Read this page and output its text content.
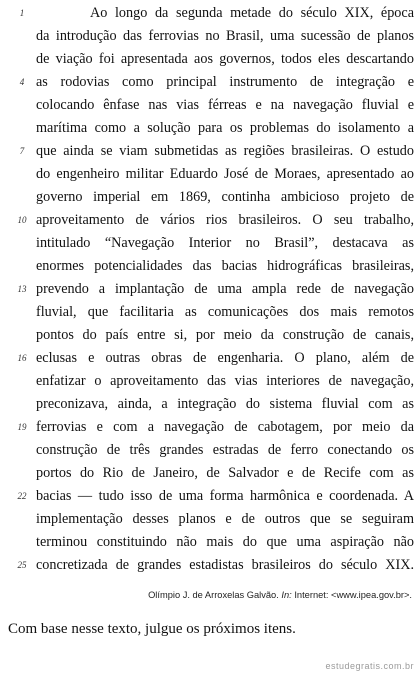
1
4
7
10
13
16
19
22
25
Ao longo da segunda metade do século XIX, época
da introdução das ferrovias no Brasil, uma sucessão de planos
de viação foi apresentada aos governos, todos eles descartando
as rodovias como principal instrumento de integração e
colocando ênfase nas vias férreas e na navegação fluvial e
marítima como a solução para os problemas do isolamento a
que ainda se viam submetidas as regiões brasileiras. O estudo
do engenheiro militar Eduardo José de Moraes, apresentado ao
governo imperial em 1869, continha ambicioso projeto de
aproveitamento de vários rios brasileiros. O seu trabalho,
intitulado “Navegação Interior no Brasil”, destacava as
enormes potencialidades das bacias hidrográficas brasileiras,
prevendo a implantação de uma ampla rede de navegação
fluvial, que facilitaria as comunicações dos mais remotos
pontos do país entre si, por meio da construção de canais,
eclusas e outras obras de engenharia. O plano, além de
enfatizar o aproveitamento das vias interiores de navegação,
preconizava, ainda, a integração do sistema fluvial com as
ferrovias e com a navegação de cabotagem, por meio da
construção de três grandes estradas de ferro conectando os
portos do Rio de Janeiro, de Salvador e de Recife com as
bacias — tudo isso de uma forma harmônica e coordenada. A
implementação desses planos e de outros que se seguiram
terminou constituindo não mais do que uma aspiração não
concretizada de grandes estadistas brasileiros do século XIX.
Olímpio J. de Arroxelas Galvão. In: Internet: <www.ipea.gov.br>.
Com base nesse texto, julgue os próximos itens.
estudegratis.com.br
